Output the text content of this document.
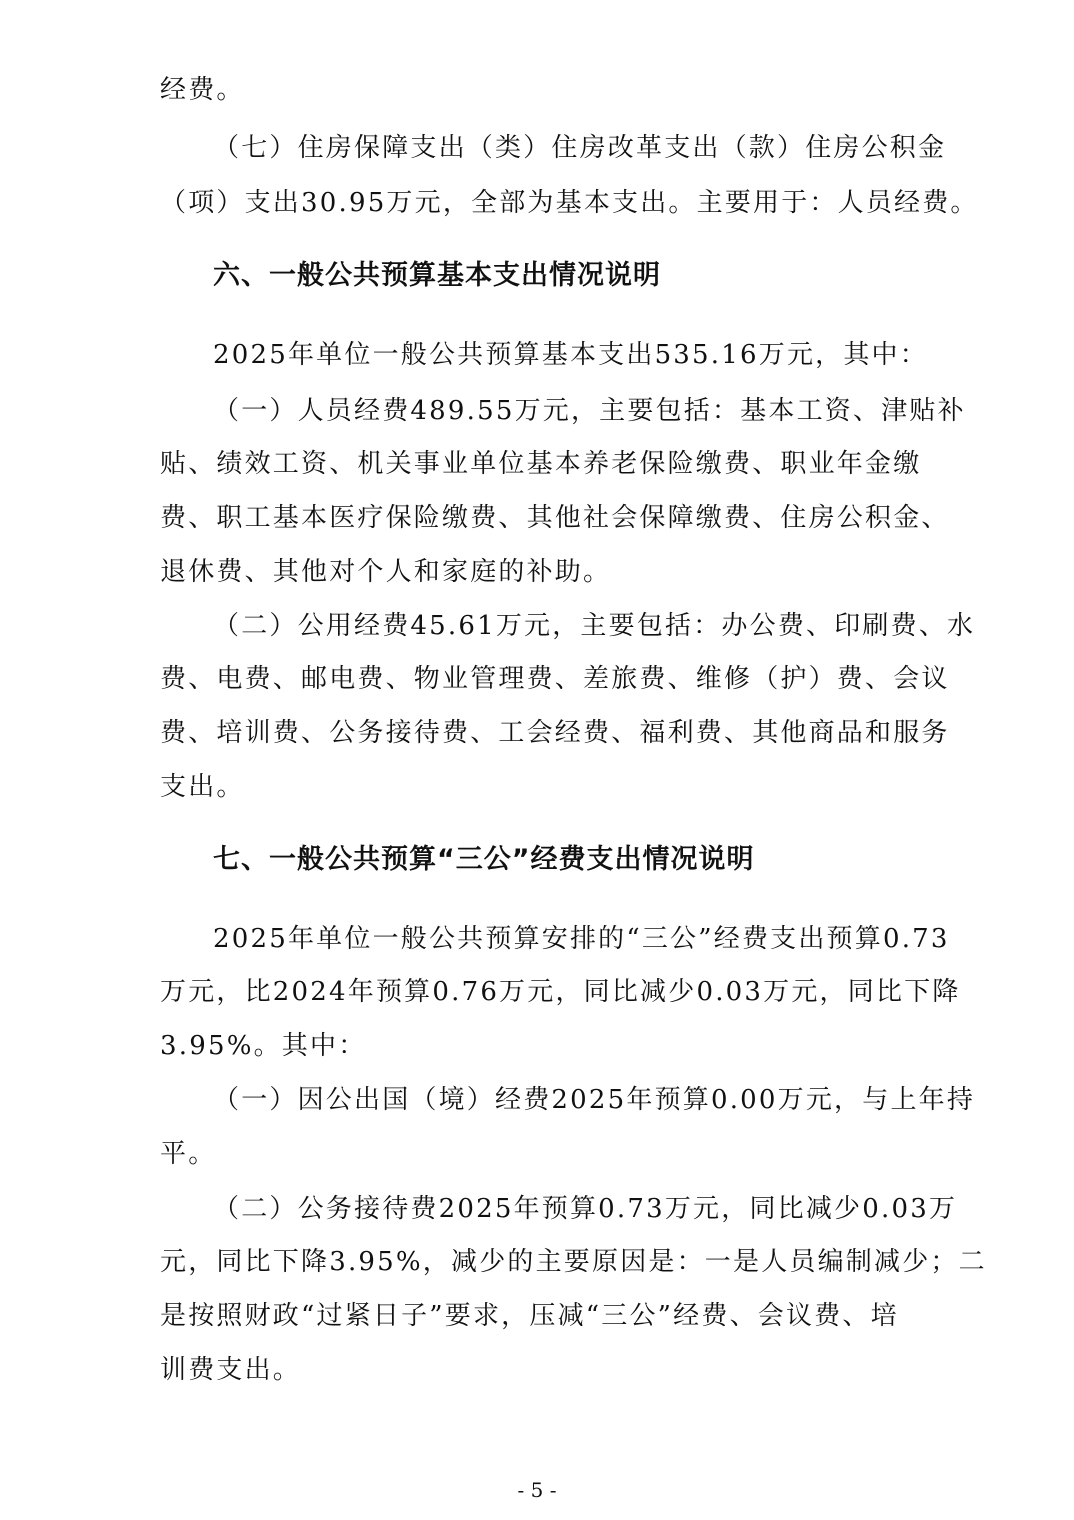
经费。
（七）住房保障支出（类）住房改革支出（款）住房公积金
（项）支出30.95万元，全部为基本支出。主要用于：人员经费。
六、一般公共预算基本支出情况说明
2025年单位一般公共预算基本支出535.16万元，其中：
（一）人员经费489.55万元，主要包括：基本工资、津贴补
贴、绩效工资、机关事业单位基本养老保险缴费、职业年金缴
费、职工基本医疗保险缴费、其他社会保障缴费、住房公积金、
退休费、其他对个人和家庭的补助。
（二）公用经费45.61万元，主要包括：办公费、印刷费、水
费、电费、邮电费、物业管理费、差旅费、维修（护）费、会议
费、培训费、公务接待费、工会经费、福利费、其他商品和服务
支出。
七、一般公共预算“三公”经费支出情况说明
2025年单位一般公共预算安排的“三公”经费支出预算0.73
万元，比2024年预算0.76万元，同比减少0.03万元，同比下降
3.95%。其中：
（一）因公出国（境）经费2025年预算0.00万元，与上年持
平。
（二）公务接待费2025年预算0.73万元，同比减少0.03万
元，同比下降3.95%，减少的主要原因是：一是人员编制减少；二
是按照财政“过紧日子”要求，压减“三公”经费、会议费、培
训费支出。
- 5 -
